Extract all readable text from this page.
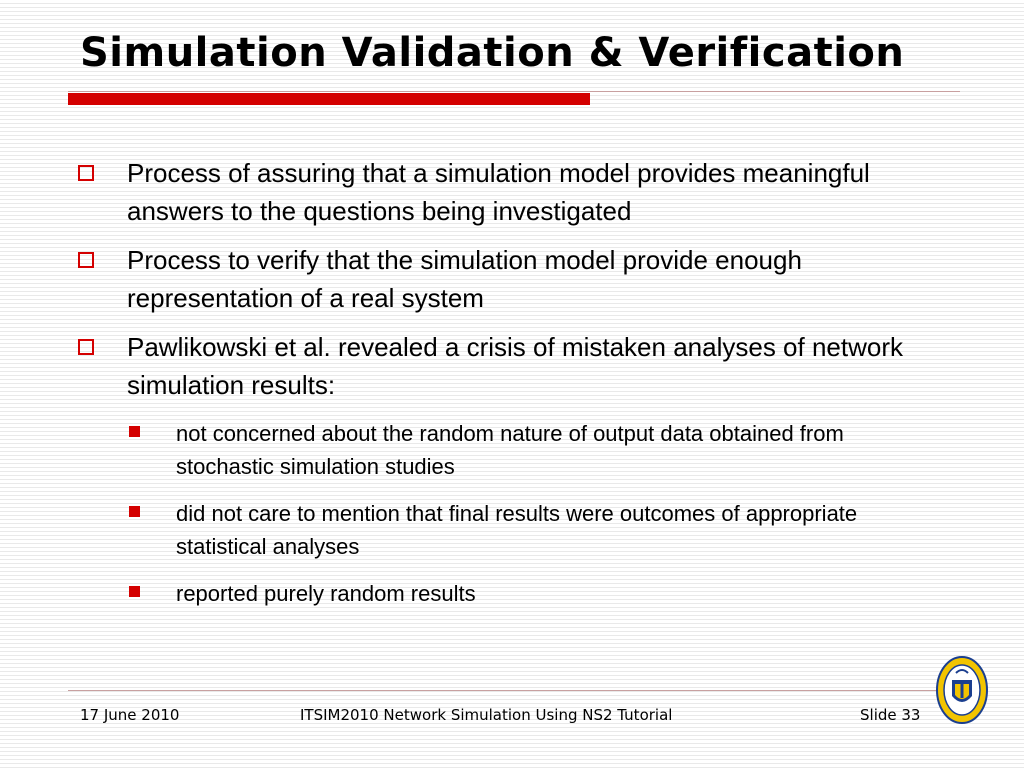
Simulation Validation & Verification
Process of assuring that a simulation model provides meaningful answers to the questions being investigated
Process to verify that the simulation model provide enough representation of a real system
Pawlikowski et al. revealed a crisis of mistaken analyses of network simulation results:
not concerned about the random nature of output data obtained from stochastic simulation studies
did not care to mention that final results were outcomes of appropriate statistical analyses
reported purely random results
17 June 2010	ITSIM2010 Network Simulation Using NS2 Tutorial	Slide 33
